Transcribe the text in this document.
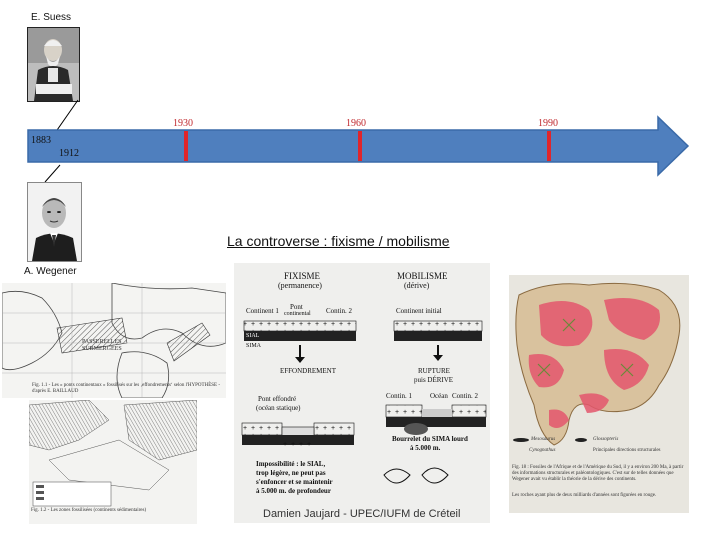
E. Suess
1930	1960	1990
1883
1912
A. Wegener
La controverse : fixisme / mobilisme
PASSERELLES
SUBMERGÉES
Fig. 1.1 - Les « ponts continentaux » fossilisés sur les ‚effondrements‘ selon l'HYPOTHÈSE - d'après E. BAILLAUD
Fig. 1.2 - Les zones fossilisées (continents sédimentaires)
FIXISME
(permanence)
MOBILISME
(dérive)
Continent 1 Pont
continental Contin. 2	Continent initial
SIAL
SIMA
EFFONDREMENT	RUPTURE
puis DÉRIVE
Pont effondré
(océan statique)
Contin. 1	Océan Contin. 2
Impossibilité : le SIAL,
trop légère, ne peut pas
s'enfoncer et se maintenir
à 5.000 m. de profondeur
Bourrelet du SIMA lourd
à 5.000 m.
Mesosaurus	Glossopteris
Cynognathus	Principales directions structurales
Fig. 18 : Fossiles de l'Afrique et de l'Amérique du Sud, il y a environ 200 Ma, à partir des informations structurales et paléontologiques. C'est sur de telles données que Wegener avait vu établir la théorie de la dérive des continents.
Les roches ayant plus de deux milliards d'années sont figurées en rouge.
Damien Jaujard - UPEC/IUFM de Créteil
